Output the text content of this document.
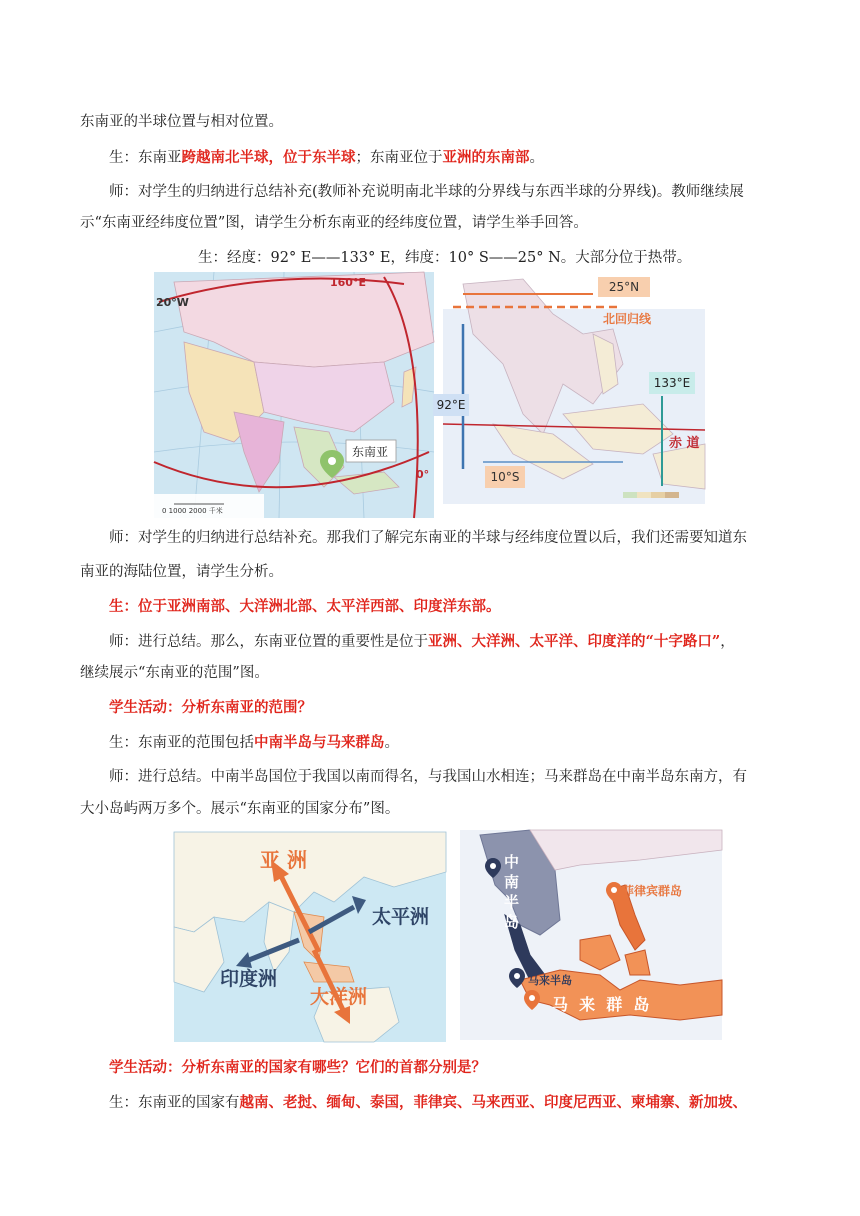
东南亚的半球位置与相对位置。
生：东南亚跨越南北半球，位于东半球；东南亚位于亚洲的东南部。
师：对学生的归纳进行总结补充(教师补充说明南北半球的分界线与东西半球的分界线)。教师继续展
示“东南亚经纬度位置”图，请学生分析东南亚的经纬度位置，请学生举手回答。
生：经度：92° E——133° E，纬度：10° S——25° N。大部分位于热带。
20°W
160°E
东南亚
0°
0 1000 2000 千米
25°N
北回归线
92°E
133°E
赤 道
10°S
师：对学生的归纳进行总结补充。那我们了解完东南亚的半球与经纬度位置以后，我们还需要知道东
南亚的海陆位置，请学生分析。
生：位于亚洲南部、大洋洲北部、太平洋西部、印度洋东部。
师：进行总结。那么，东南亚位置的重要性是位于亚洲、大洋洲、太平洋、印度洋的“十字路口”，
继续展示“东南亚的范围”图。
学生活动：分析东南亚的范围？
生：东南亚的范围包括中南半岛与马来群岛。
师：进行总结。中南半岛国位于我国以南而得名，与我国山水相连；马来群岛在中南半岛东南方，有
大小岛屿两万多个。展示“东南亚的国家分布”图。
亚 洲
太平洲
印度洲
大洋洲
中南半岛
马来半岛
菲律宾群岛
马  来  群  岛
学生活动：分析东南亚的国家有哪些？它们的首都分别是？
生：东南亚的国家有越南、老挝、缅甸、泰国，菲律宾、马来西亚、印度尼西亚、柬埔寨、新加坡、
